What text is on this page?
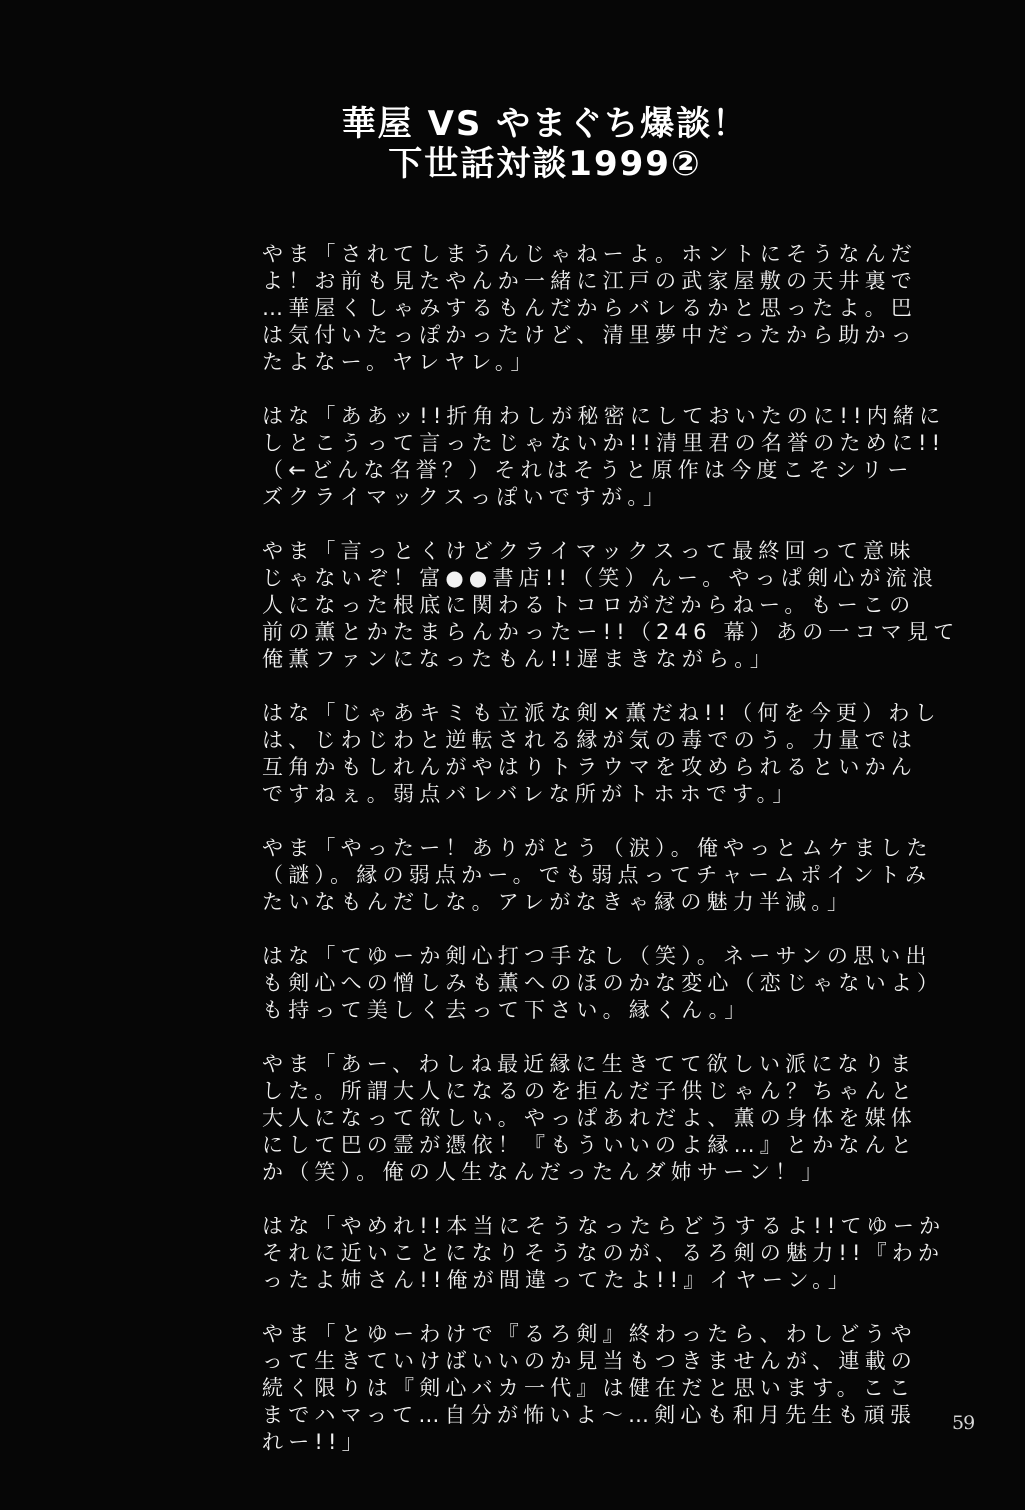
華屋 VS やまぐち爆談！
下世話対談1999②
やま「されてしまうんじゃねーよ。ホントにそうなんだ
よ！お前も見たやんか一緒に江戸の武家屋敷の天井裏で
…華屋くしゃみするもんだからバレるかと思ったよ。巴
は気付いたっぽかったけど、清里夢中だったから助かっ
たよなー。ヤレヤレ。」
はな「ああッ!!折角わしが秘密にしておいたのに!!内緒に
しとこうって言ったじゃないか!!清里君の名誉のために!!
（←どんな名誉？）それはそうと原作は今度こそシリー
ズクライマックスっぽいですが。」
やま「言っとくけどクライマックスって最終回って意味
じゃないぞ！富●●書店!!（笑）んー。やっぱ剣心が流浪
人になった根底に関わるトコロがだからねー。もーこの
前の薫とかたまらんかったー!!（246 幕）あの一コマ見て
俺薫ファンになったもん!!遅まきながら。」
はな「じゃあキミも立派な剣×薫だね!!（何を今更）わし
は、じわじわと逆転される縁が気の毒でのう。力量では
互角かもしれんがやはりトラウマを攻められるといかん
ですねぇ。弱点バレバレな所がトホホです。」
やま「やったー！ありがとう（涙）。俺やっとムケました
（謎）。縁の弱点かー。でも弱点ってチャームポイントみ
たいなもんだしな。アレがなきゃ縁の魅力半減。」
はな「てゆーか剣心打つ手なし（笑）。ネーサンの思い出
も剣心への憎しみも薫へのほのかな変心（恋じゃないよ）
も持って美しく去って下さい。縁くん。」
やま「あー、わしね最近縁に生きてて欲しい派になりま
した。所謂大人になるのを拒んだ子供じゃん？ちゃんと
大人になって欲しい。やっぱあれだよ、薫の身体を媒体
にして巴の霊が憑依！『もういいのよ縁…』とかなんと
か（笑）。俺の人生なんだったんダ姉サーン！」
はな「やめれ!!本当にそうなったらどうするよ!!てゆーか
それに近いことになりそうなのが、るろ剣の魅力!!『わか
ったよ姉さん!!俺が間違ってたよ!!』イヤーン。」
やま「とゆーわけで『るろ剣』終わったら、わしどうや
って生きていけばいいのか見当もつきませんが、連載の
続く限りは『剣心バカ一代』は健在だと思います。ここ
までハマって…自分が怖いよ～…剣心も和月先生も頑張
れー!!」
59
